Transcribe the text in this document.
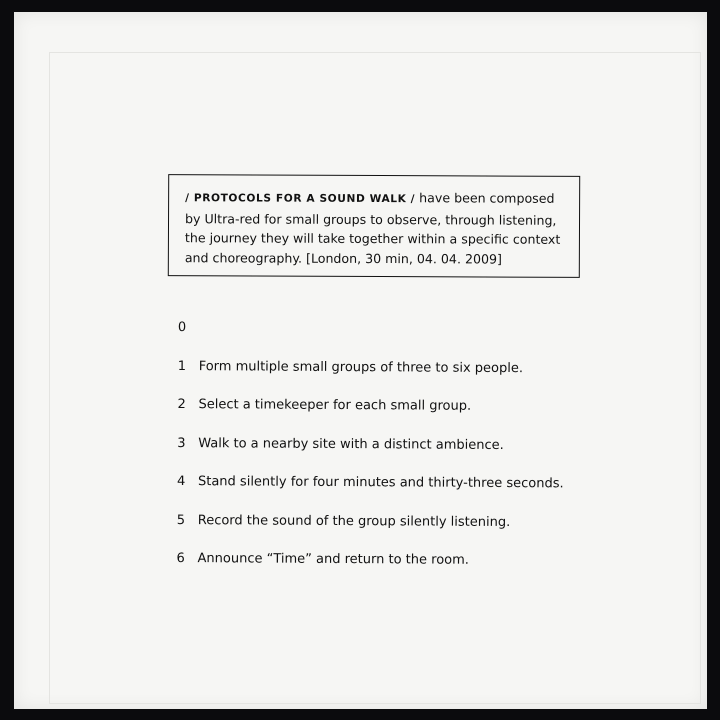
/ PROTOCOLS FOR A SOUND WALK / have been composed by Ultra-red for small groups to observe, through listening, the journey they will take together within a specific context and choreography. [London, 30 min, 04. 04. 2009]
0
1 Form multiple small groups of three to six people.
2 Select a timekeeper for each small group.
3 Walk to a nearby site with a distinct ambience.
4 Stand silently for four minutes and thirty-three seconds.
5 Record the sound of the group silently listening.
6 Announce “Time” and return to the room.
